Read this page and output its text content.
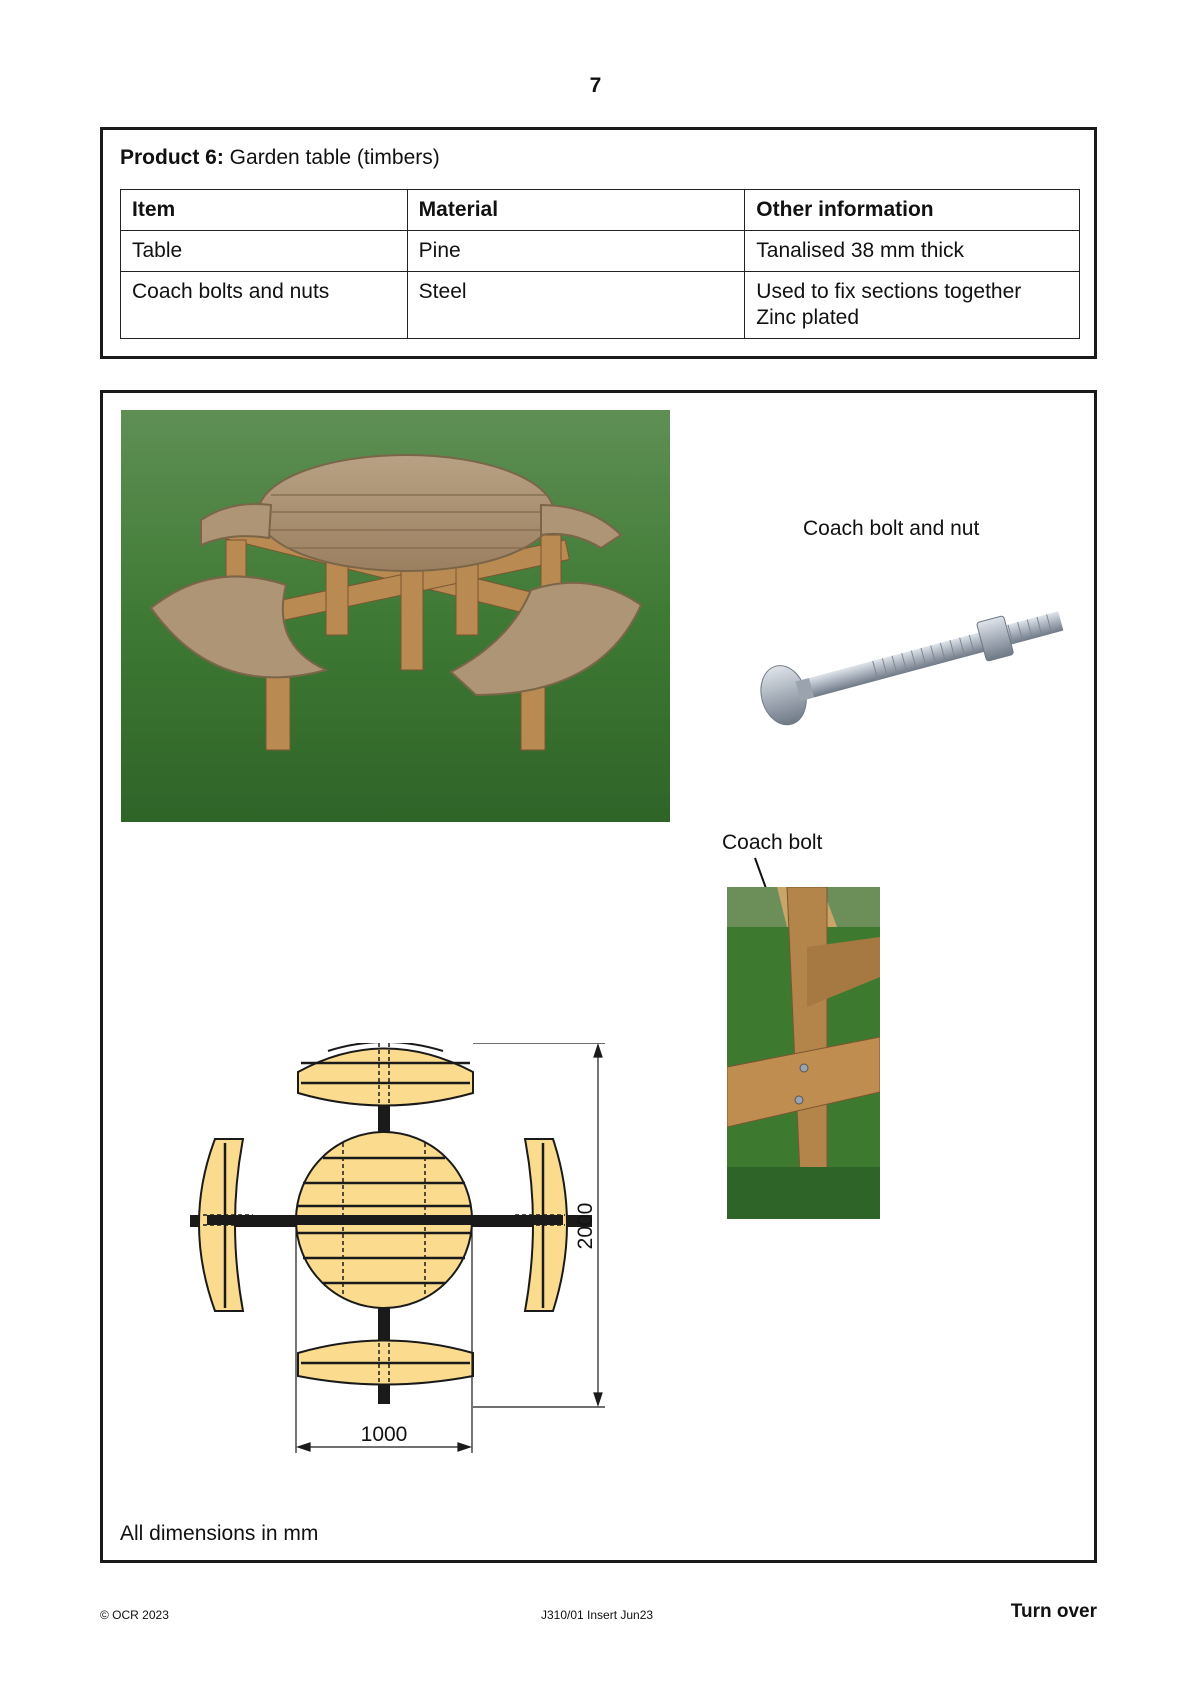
7
Product 6: Garden table (timbers)
Item	Material	Other information
Table	Pine	Tanalised 38 mm thick
Coach bolts and nuts	Steel	Used to fix sections together
Zinc plated
Coach bolt and nut
Coach bolt
2000
1000
All dimensions in mm
© OCR 2023	J310/01 Insert Jun23	Turn over
